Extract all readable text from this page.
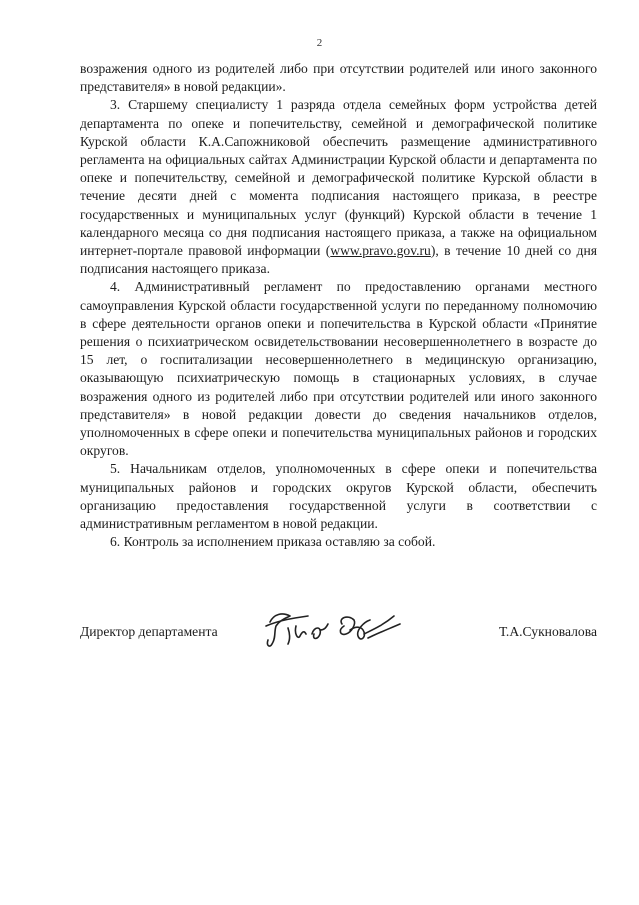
2

возражения одного из родителей либо при отсутствии родителей или иного законного представителя» в новой редакции».

3. Старшему специалисту 1 разряда отдела семейных форм устройства детей департамента по опеке и попечительству, семейной и демографической политике Курской области К.А.Сапожниковой обеспечить размещение административного регламента на официальных сайтах Администрации Курской области и департамента по опеке и попечительству, семейной и демографической политике Курской области в течение десяти дней с момента подписания настоящего приказа, в реестре государственных и муниципальных услуг (функций) Курской области в течение 1 календарного месяца со дня подписания настоящего приказа, а также на официальном интернет-портале правовой информации (www.pravo.gov.ru), в течение 10 дней со дня подписания настоящего приказа.

4. Административный регламент по предоставлению органами местного самоуправления Курской области государственной услуги по переданному полномочию в сфере деятельности органов опеки и попечительства в Курской области «Принятие решения о психиатрическом освидетельствовании несовершеннолетнего в возрасте до 15 лет, о госпитализации несовершеннолетнего в медицинскую организацию, оказывающую психиатрическую помощь в стационарных условиях, в случае возражения одного из родителей либо при отсутствии родителей или иного законного представителя» в новой редакции довести до сведения начальников отделов, уполномоченных в сфере опеки и попечительства муниципальных районов и городских округов.

5. Начальникам отделов, уполномоченных в сфере опеки и попечительства муниципальных районов и городских округов Курской области, обеспечить организацию предоставления государственной услуги в соответствии с административным регламентом в новой редакции.

6. Контроль за исполнением приказа оставляю за собой.

Директор департамента	Т.А.Сукновалова
